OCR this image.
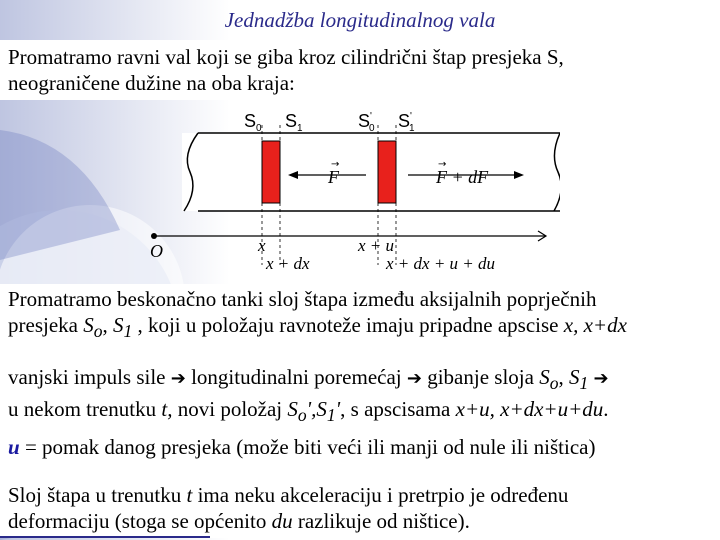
Jednadžba longitudinalnog vala
Promatramo ravni val koji se giba kroz cilindrični štap presjeka S,
neograničene dužine na oba kraja:
$S_0$ $S_1$	S' 0 S' 1
F
→
F + dF
→
O	x	x + u
x + dx	x + dx + u + du
Promatramo beskonačno tanki sloj štapa između aksijalnih poprječnih
presjeka $S_o$, $S_1$ , koji u položaju ravnoteže imaju pripadne apscise x, x+dx
vanjski impuls sile ➔ longitudinalni poremećaj ➔ gibanje sloja $S_o$, $S_1$ ➔
u nekom trenutku t, novi položaj $S_o',S_1'$, s apscisama x+u, x+dx+u+du.
u = pomak danog presjeka (može biti veći ili manji od nule ili ništica)
Sloj štapa u trenutku t ima neku akceleraciju i pretrpio je određenu
deformaciju (stoga se općenito du razlikuje od ništice).
